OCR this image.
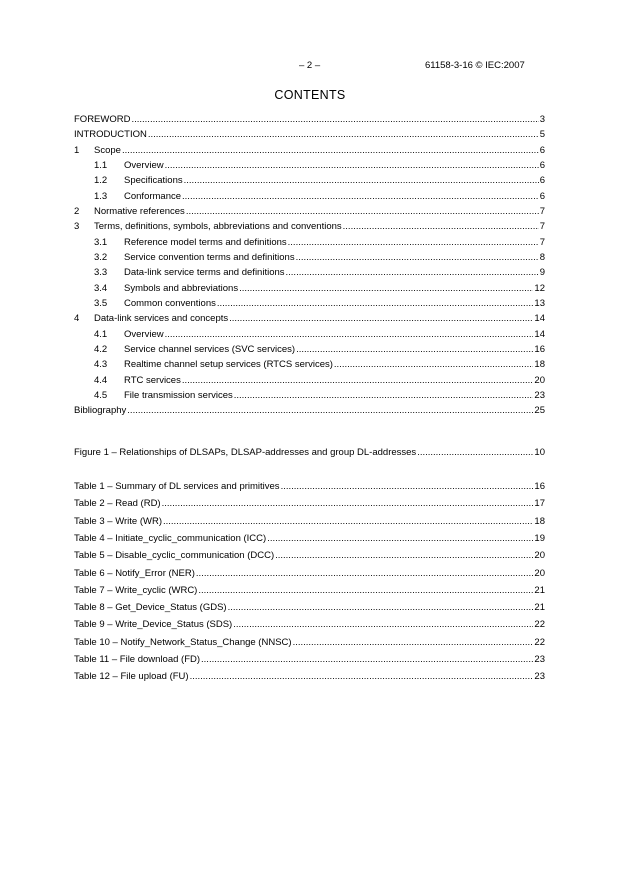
– 2 –	61158-3-16 © IEC:2007
CONTENTS
FOREWORD .....	3
INTRODUCTION .....	5
1	Scope .....	6
1.1	Overview .....	6
1.2	Specifications .....	6
1.3	Conformance .....	6
2	Normative references .....	7
3	Terms, definitions, symbols, abbreviations and conventions .....	7
3.1	Reference model terms and definitions .....	7
3.2	Service convention terms and definitions .....	8
3.3	Data-link service terms and definitions .....	9
3.4	Symbols and abbreviations .....	12
3.5	Common conventions .....	13
4	Data-link services and concepts .....	14
4.1	Overview .....	14
4.2	Service channel services (SVC services) .....	16
4.3	Realtime channel setup services (RTCS services) .....	18
4.4	RTC services .....	20
4.5	File transmission services .....	23
Bibliography .....	25
Figure 1 – Relationships of DLSAPs, DLSAP-addresses and group DL-addresses .....	10
Table 1 – Summary of DL services and primitives .....	16
Table 2 – Read (RD) .....	17
Table 3 – Write (WR) .....	18
Table 4 – Initiate_cyclic_communication (ICC) .....	19
Table 5 – Disable_cyclic_communication (DCC) .....	20
Table 6 – Notify_Error (NER) .....	20
Table 7 – Write_cyclic (WRC) .....	21
Table 8 – Get_Device_Status (GDS) .....	21
Table 9 – Write_Device_Status (SDS) .....	22
Table 10 – Notify_Network_Status_Change (NNSC) .....	22
Table 11 – File download (FD) .....	23
Table 12 – File upload (FU) .....	23
